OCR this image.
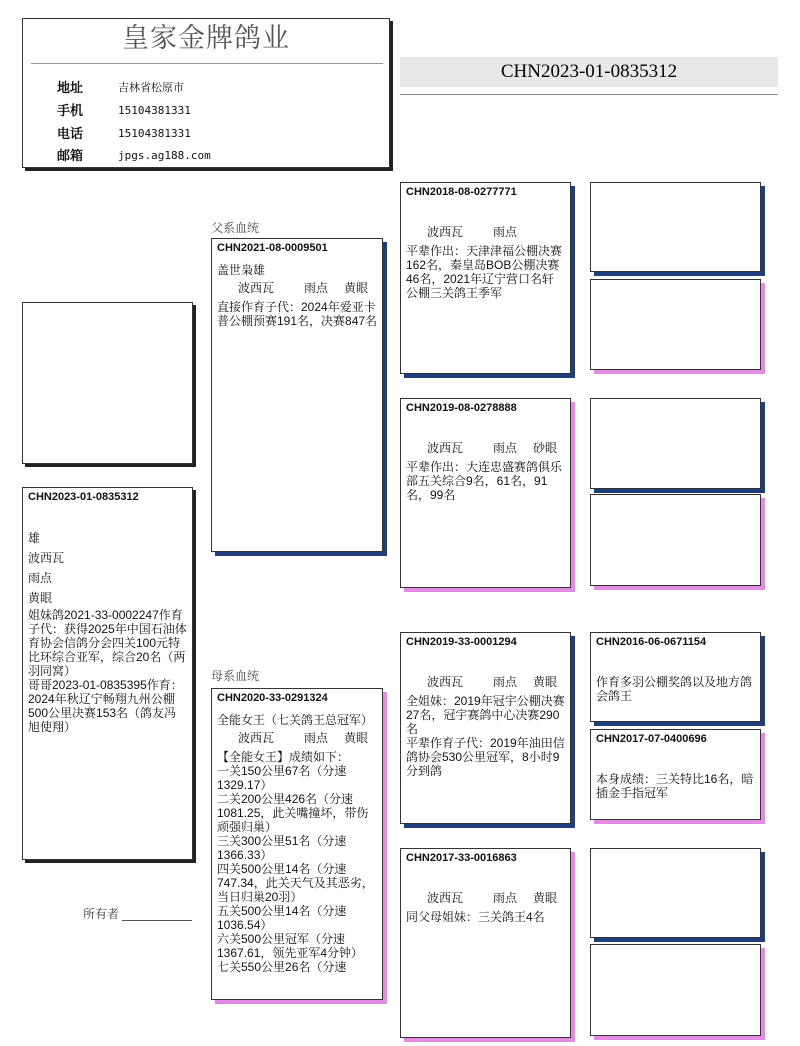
皇家金牌鸽业
地址	吉林省松原市
手机	15104381331
电话	15104381331
邮箱	jpgs.ag188.com
CHN2023-01-0835312
CHN2023-01-0835312
雄
波西瓦
雨点
黄眼
姐妹鸽2021-33-0002247作育子代：获得2025年中国石油体育协会信鸽分会四关100元特比环综合亚军，综合20名（两羽同窝）
哥哥2023-01-0835395作育：2024年秋辽宁畅翔九州公棚500公里决赛153名（鸽友冯旭使翔）
所有者
父系血统
母系血统
CHN2021-08-0009501
盖世枭雄
波西瓦	雨点	黄眼
直接作育子代：2024年爱亚卡普公棚预赛191名，决赛847名
CHN2020-33-0291324
全能女王（七关鸽王总冠军）
波西瓦	雨点	黄眼
【全能女王】成绩如下：
一关150公里67名（分速1329.17）
二关200公里426名（分速1081.25，此关嘴撞坏，带伤顽强归巢）
三关300公里51名（分速1366.33）
四关500公里14名（分速747.34，此关天气及其恶劣，当日归巢20羽）
五关500公里14名（分速1036.54）
六关500公里冠军（分速1367.61，领先亚军4分钟）
七关550公里26名（分速
CHN2018-08-0277771
波西瓦	雨点
平辈作出：天津津福公棚决赛162名，秦皇岛BOB公棚决赛46名，2021年辽宁营口名轩公棚三关鸽王季军
CHN2019-08-0278888
波西瓦	雨点	砂眼
平辈作出：大连忠盛赛鸽俱乐部五关综合9名，61名，91名，99名
CHN2019-33-0001294
波西瓦	雨点	黄眼
全姐妹：2019年冠宇公棚决赛27名，冠宇赛鸽中心决赛290名
平辈作育子代：2019年油田信鸽协会530公里冠军，8小时9分到鸽
CHN2017-33-0016863
波西瓦	雨点	黄眼
同父母姐妹：三关鸽王4名
CHN2016-06-0671154
作育多羽公棚奖鸽以及地方鸽会鸽王
CHN2017-07-0400696
本身成绩：三关特比16名，暗插金手指冠军
